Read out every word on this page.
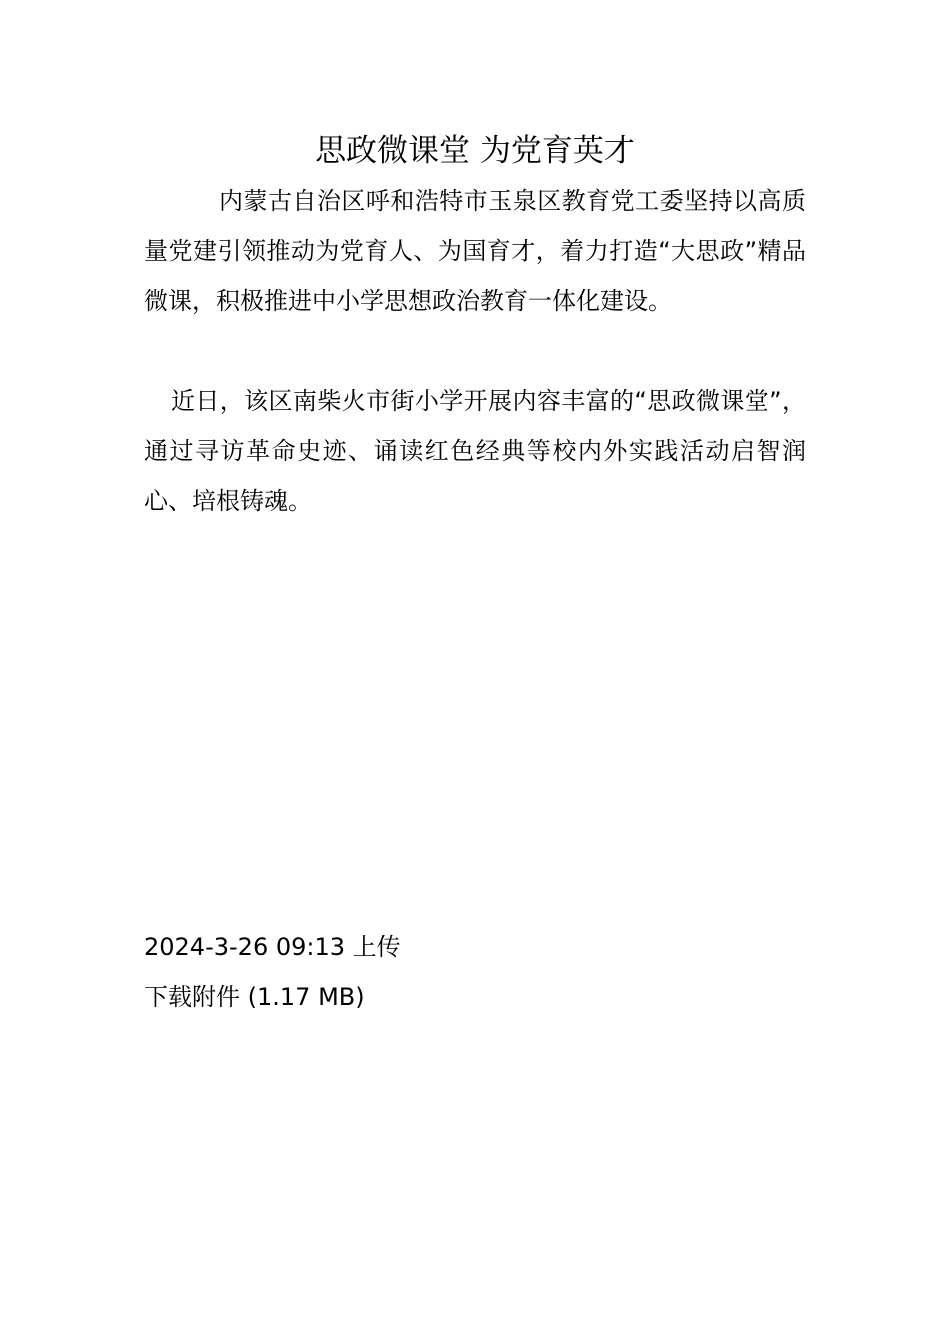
思政微课堂 为党育英才

内蒙古自治区呼和浩特市玉泉区教育党工委坚持以高质量党建引领推动为党育人、为国育才，着力打造“大思政”精品微课，积极推进中小学思想政治教育一体化建设。

近日，该区南柴火市街小学开展内容丰富的“思政微课堂”，通过寻访革命史迹、诵读红色经典等校内外实践活动启智润心、培根铸魂。

2024-3-26 09:13 上传

下载附件 (1.17 MB)
